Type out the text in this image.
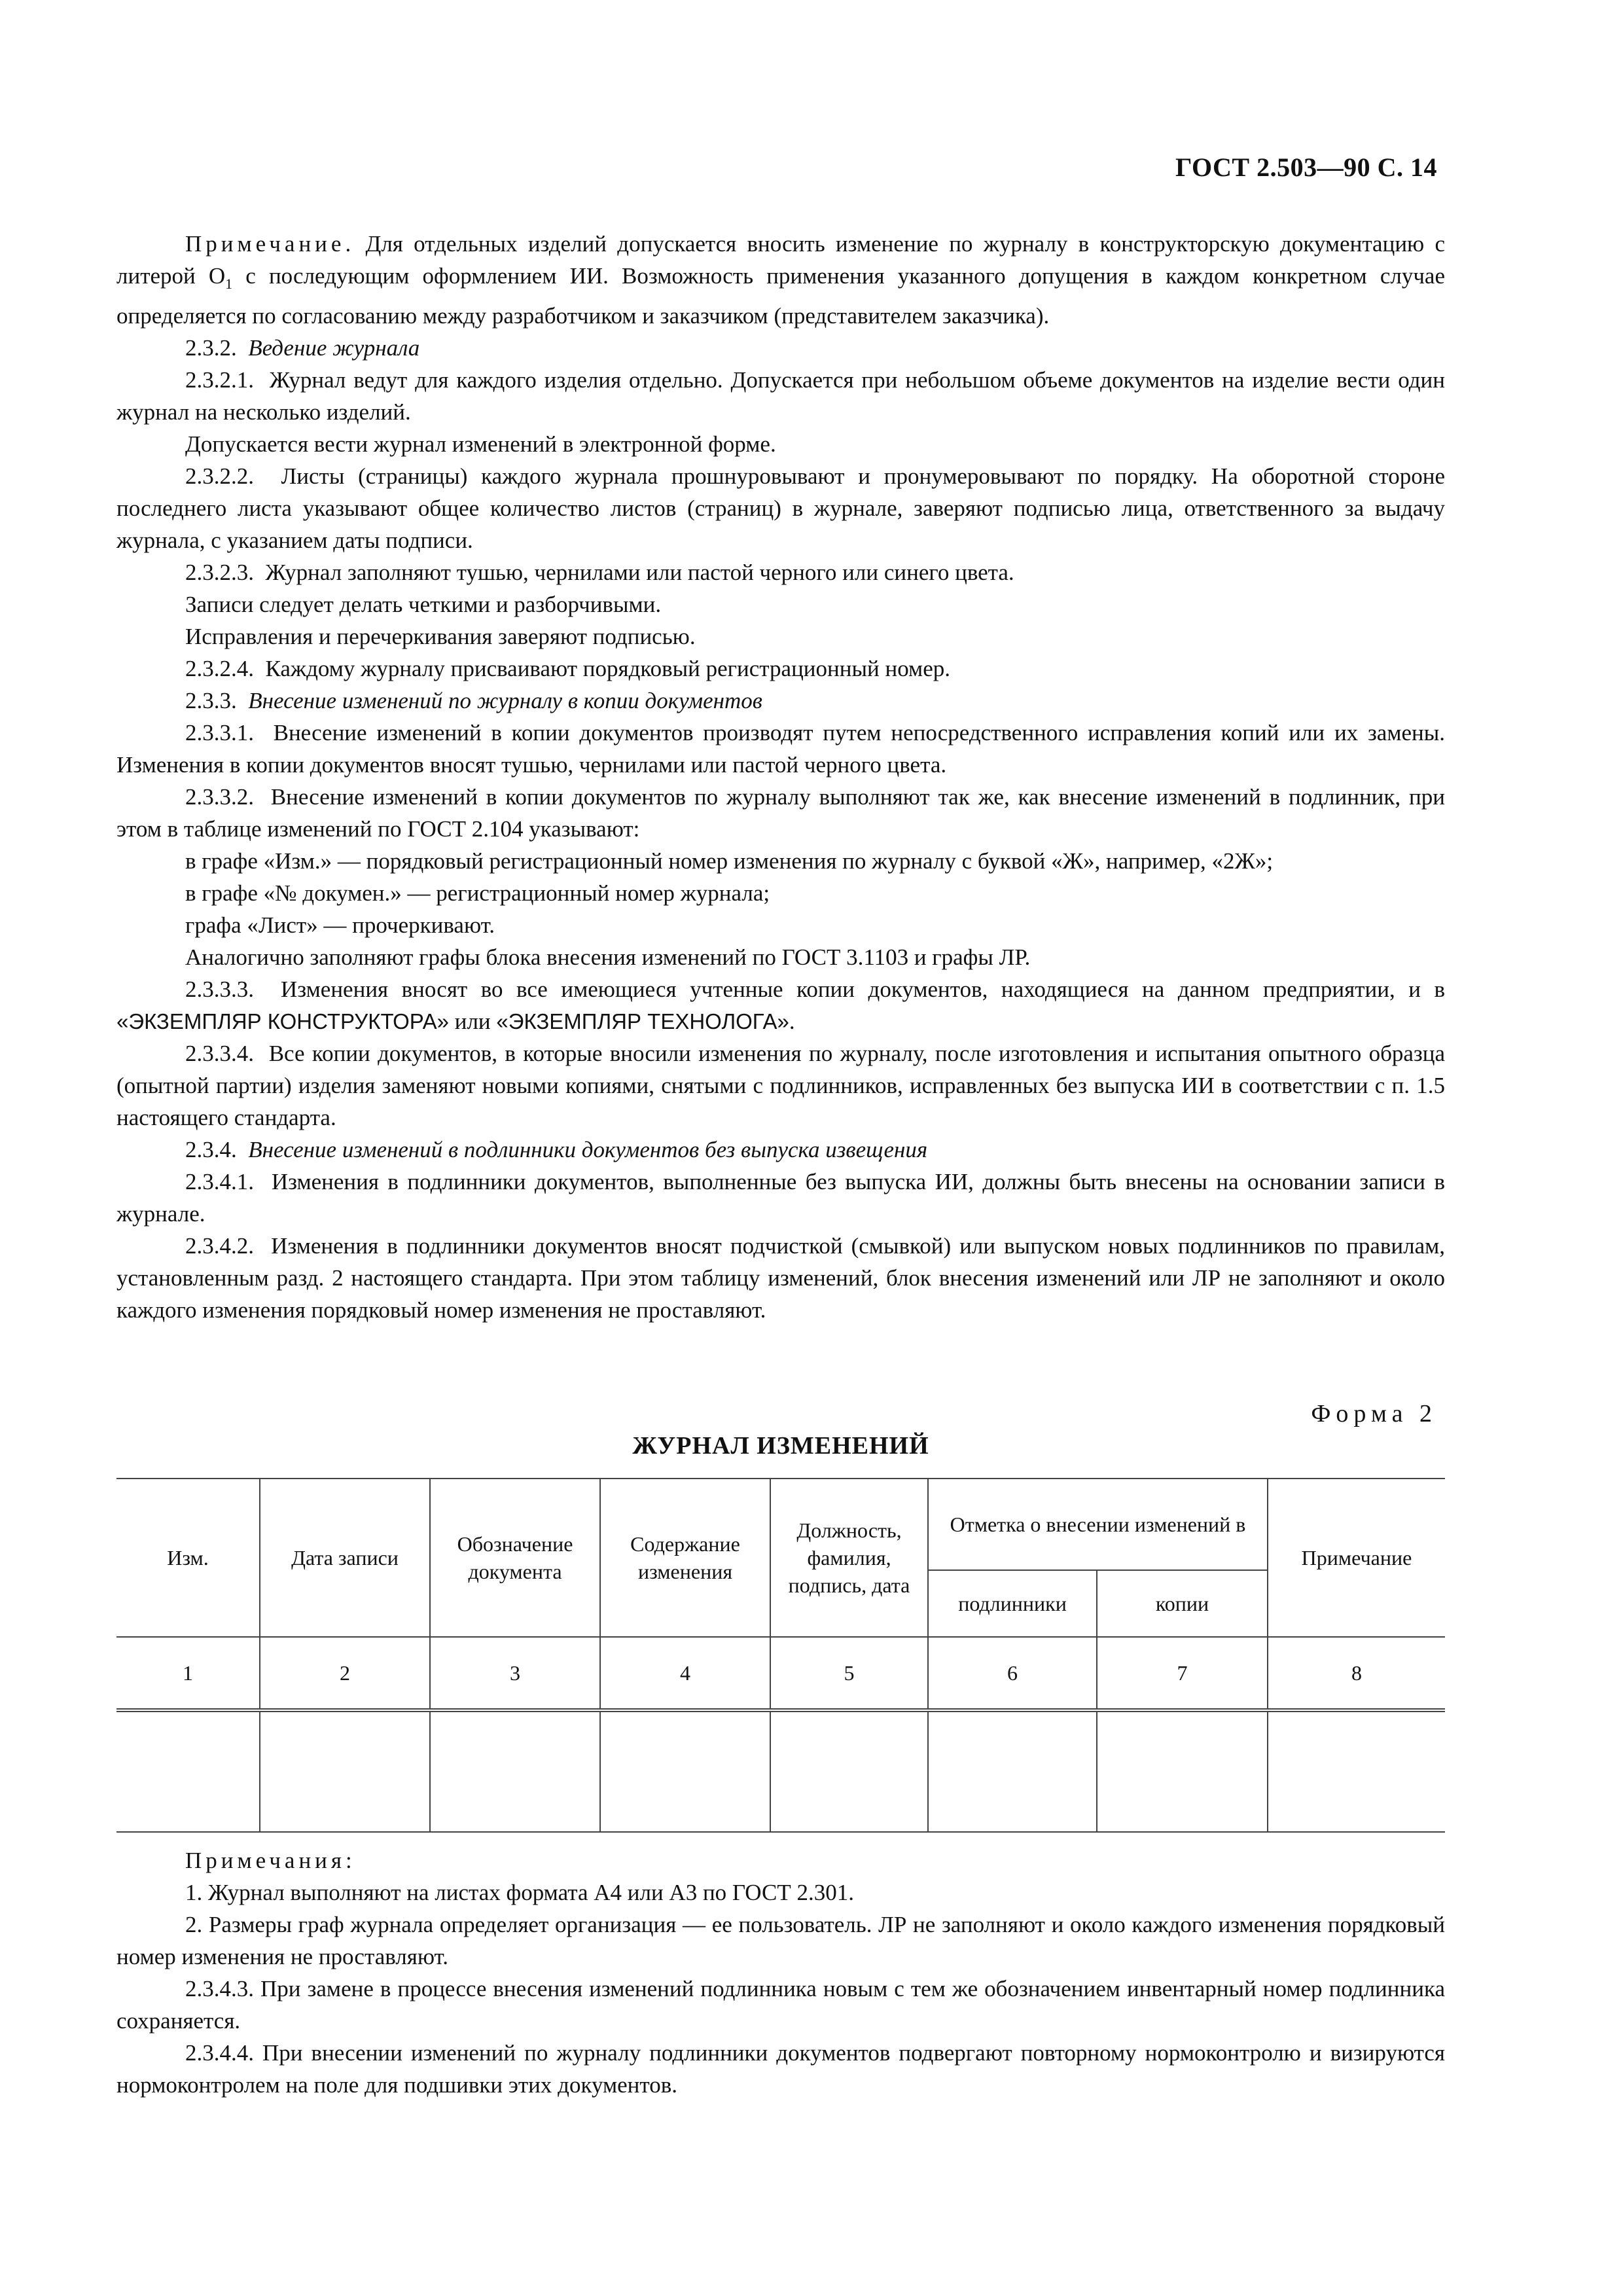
ГОСТ 2.503—90 С. 14

Примечание. Для отдельных изделий допускается вносить изменение по журналу в конструкторскую документацию с литерой $О_1$ с последующим оформлением ИИ. Возможность применения указанного допущения в каждом конкретном случае определяется по согласованию между разработчиком и заказчиком (представителем заказчика).

2.3.2. Ведение журнала

2.3.2.1. Журнал ведут для каждого изделия отдельно. Допускается при небольшом объеме документов на изделие вести один журнал на несколько изделий.

Допускается вести журнал изменений в электронной форме.

2.3.2.2. Листы (страницы) каждого журнала прошнуровывают и пронумеровывают по порядку. На оборотной стороне последнего листа указывают общее количество листов (страниц) в журнале, заверяют подписью лица, ответственного за выдачу журнала, с указанием даты подписи.

2.3.2.3. Журнал заполняют тушью, чернилами или пастой черного или синего цвета.

Записи следует делать четкими и разборчивыми.

Исправления и перечеркивания заверяют подписью.

2.3.2.4. Каждому журналу присваивают порядковый регистрационный номер.

2.3.3. Внесение изменений по журналу в копии документов

2.3.3.1. Внесение изменений в копии документов производят путем непосредственного исправления копий или их замены. Изменения в копии документов вносят тушью, чернилами или пастой черного цвета.

2.3.3.2. Внесение изменений в копии документов по журналу выполняют так же, как внесение изменений в подлинник, при этом в таблице изменений по ГОСТ 2.104 указывают:

в графе «Изм.» — порядковый регистрационный номер изменения по журналу с буквой «Ж», например, «2Ж»;

в графе «№ докумен.» — регистрационный номер журнала;

графа «Лист» — прочеркивают.

Аналогично заполняют графы блока внесения изменений по ГОСТ 3.1103 и графы ЛР.

2.3.3.3. Изменения вносят во все имеющиеся учтенные копии документов, находящиеся на данном предприятии, и в «ЭКЗЕМПЛЯР КОНСТРУКТОРА» или «ЭКЗЕМПЛЯР ТЕХНОЛОГА».

2.3.3.4. Все копии документов, в которые вносили изменения по журналу, после изготовления и испытания опытного образца (опытной партии) изделия заменяют новыми копиями, снятыми с подлинников, исправленных без выпуска ИИ в соответствии с п. 1.5 настоящего стандарта.

2.3.4. Внесение изменений в подлинники документов без выпуска извещения

2.3.4.1. Изменения в подлинники документов, выполненные без выпуска ИИ, должны быть внесены на основании записи в журнале.

2.3.4.2. Изменения в подлинники документов вносят подчисткой (смывкой) или выпуском новых подлинников по правилам, установленным разд. 2 настоящего стандарта. При этом таблицу изменений, блок внесения изменений или ЛР не заполняют и около каждого изменения порядковый номер изменения не проставляют.

Форма 2
ЖУРНАЛ ИЗМЕНЕНИЙ
Изм.	Дата записи	Обозначение документа	Содержание изменения	Должность, фамилия, подпись, дата	Отметка о внесении изменений в		Примечание
					подлинники	копии	
1	2	3	4	5	6	7	8

Примечания:

1. Журнал выполняют на листах формата А4 или А3 по ГОСТ 2.301.

2. Размеры граф журнала определяет организация — ее пользователь. ЛР не заполняют и около каждого изменения порядковый номер изменения не проставляют.

2.3.4.3. При замене в процессе внесения изменений подлинника новым с тем же обозначением инвентарный номер подлинника сохраняется.

2.3.4.4. При внесении изменений по журналу подлинники документов подвергают повторному нормоконтролю и визируются нормоконтролем на поле для подшивки этих документов.
